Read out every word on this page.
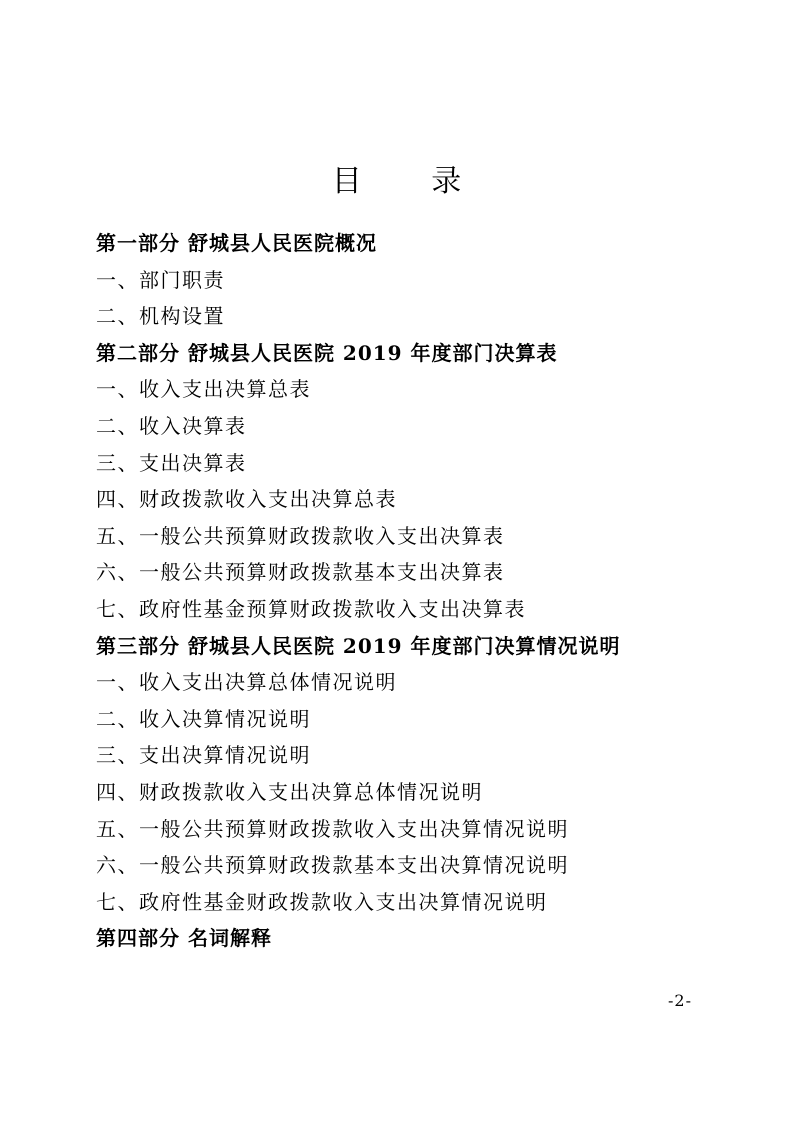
目 录
第一部分 舒城县人民医院概况
一、部门职责
二、机构设置
第二部分 舒城县人民医院 2019 年度部门决算表
一、收入支出决算总表
二、收入决算表
三、支出决算表
四、财政拨款收入支出决算总表
五、一般公共预算财政拨款收入支出决算表
六、一般公共预算财政拨款基本支出决算表
七、政府性基金预算财政拨款收入支出决算表
第三部分 舒城县人民医院 2019 年度部门决算情况说明
一、收入支出决算总体情况说明
二、收入决算情况说明
三、支出决算情况说明
四、财政拨款收入支出决算总体情况说明
五、一般公共预算财政拨款收入支出决算情况说明
六、一般公共预算财政拨款基本支出决算情况说明
七、政府性基金财政拨款收入支出决算情况说明
第四部分 名词解释
-2-
